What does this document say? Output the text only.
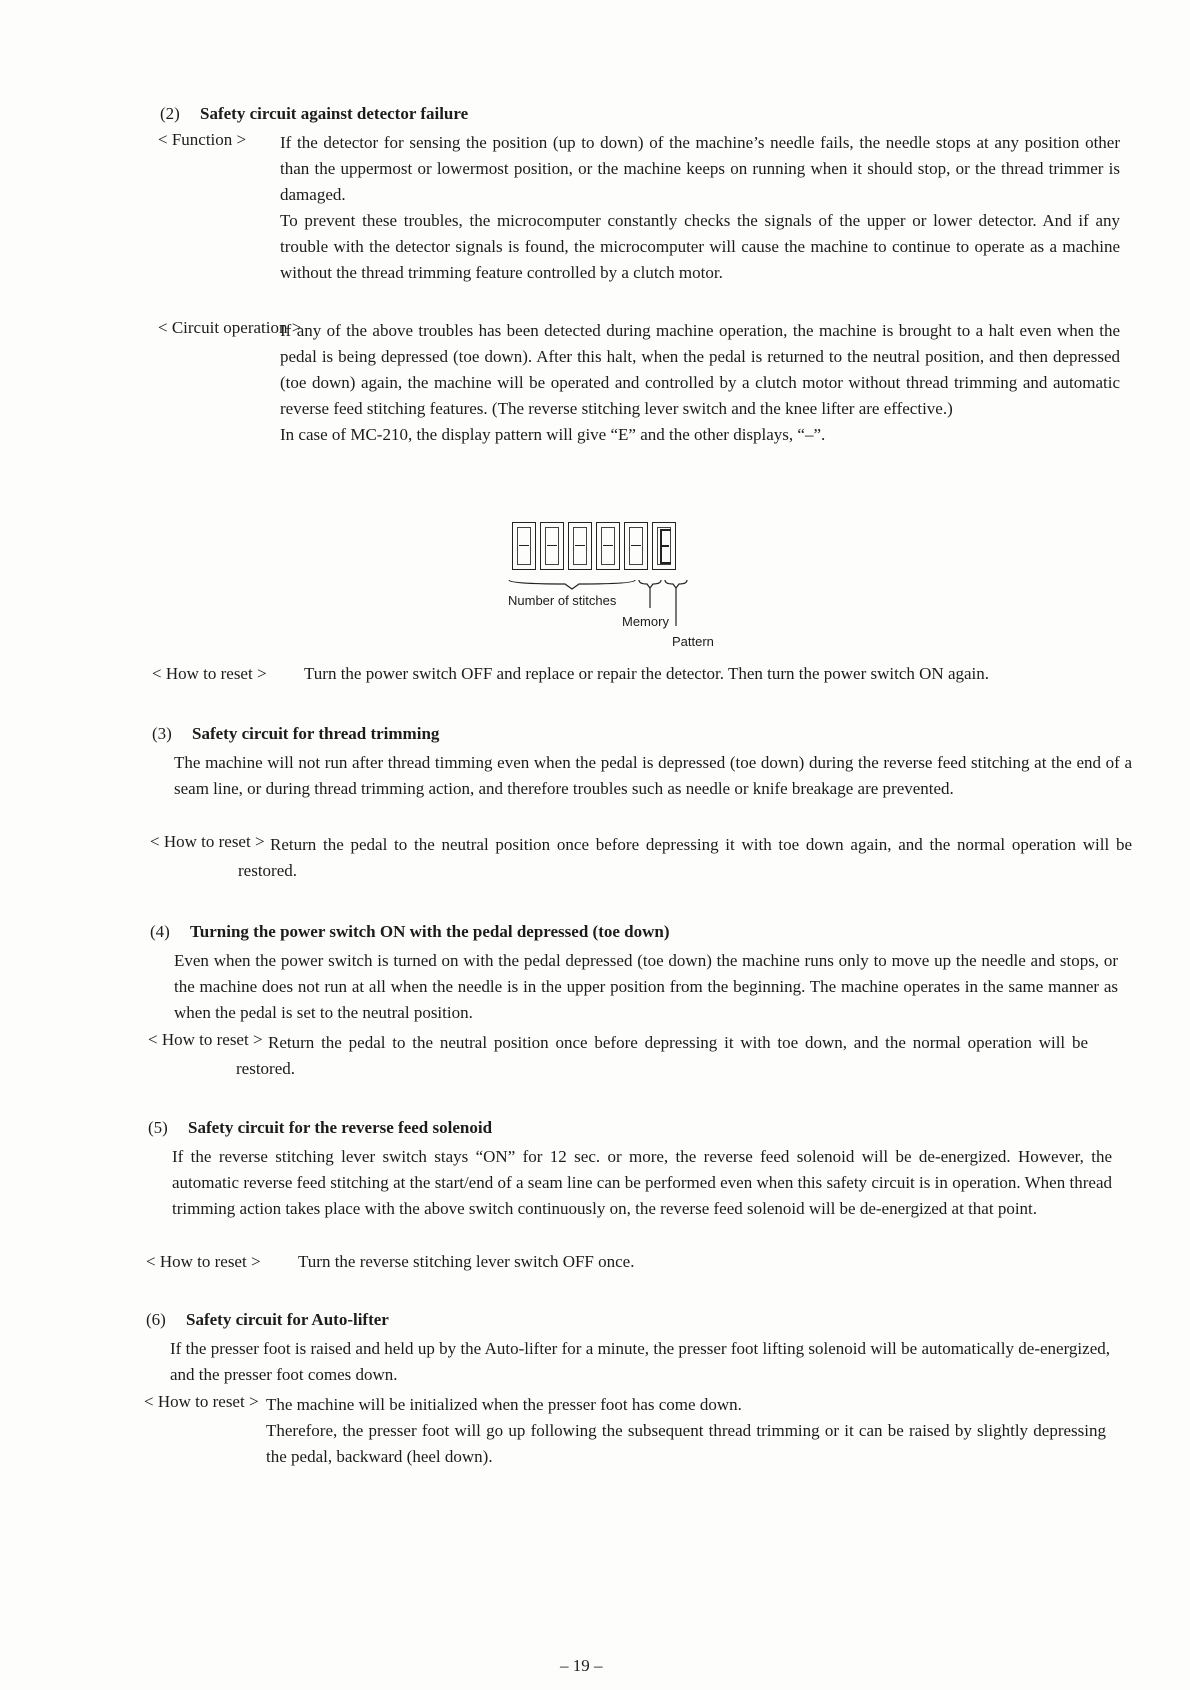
(2) Safety circuit against detector failure
< Function > If the detector for sensing the position (up to down) of the machine’s needle fails, the needle stops at any position other than the uppermost or lowermost position, or the machine keeps on running when it should stop, or the thread trimmer is damaged.

To prevent these troubles, the microcomputer constantly checks the signals of the upper or lower detector. And if any trouble with the detector signals is found, the microcomputer will cause the machine to continue to operate as a machine without the thread trimming feature controlled by a clutch motor.

< Circuit operation >

If any of the above troubles has been detected during machine operation, the machine is brought to a halt even when the pedal is being depressed (toe down). After this halt, when the pedal is returned to the neutral position, and then depressed (toe down) again, the machine will be operated and controlled by a clutch motor without thread trimming and automatic reverse feed stitching features. (The reverse stitching lever switch and the knee lifter are effective.)

In case of MC-210, the display pattern will give “E” and the other displays, “–”.

Number of stitches
Memory
Pattern
< How to reset > Turn the power switch OFF and replace or repair the detector. Then turn the power switch ON again.
(3) Safety circuit for thread trimming
The machine will not run after thread timming even when the pedal is depressed (toe down) during the reverse feed stitching at the end of a seam line, or during thread trimming action, and therefore troubles such as needle or knife breakage are prevented.
< How to reset > Return the pedal to the neutral position once before depressing it with toe down again, and the normal operation will be restored.

(4) Turning the power switch ON with the pedal depressed (toe down)
Even when the power switch is turned on with the pedal depressed (toe down) the machine runs only to move up the needle and stops, or the machine does not run at all when the needle is in the upper position from the beginning. The machine operates in the same manner as when the pedal is set to the neutral position.
< How to reset > Return the pedal to the neutral position once before depressing it with toe down, and the normal operation will be restored.

(5) Safety circuit for the reverse feed solenoid
If the reverse stitching lever switch stays “ON” for 12 sec. or more, the reverse feed solenoid will be de-energized. However, the automatic reverse feed stitching at the start/end of a seam line can be performed even when this safety circuit is in operation. When thread trimming action takes place with the above switch continuously on, the reverse feed solenoid will be de-energized at that point.
< How to reset > Turn the reverse stitching lever switch OFF once.
(6) Safety circuit for Auto-lifter
If the presser foot is raised and held up by the Auto-lifter for a minute, the presser foot lifting solenoid will be automatically de-energized, and the presser foot comes down.
< How to reset > The machine will be initialized when the presser foot has come down.

Therefore, the presser foot will go up following the subsequent thread trimming or it can be raised by slightly depressing the pedal, backward (heel down).

– 19 –
